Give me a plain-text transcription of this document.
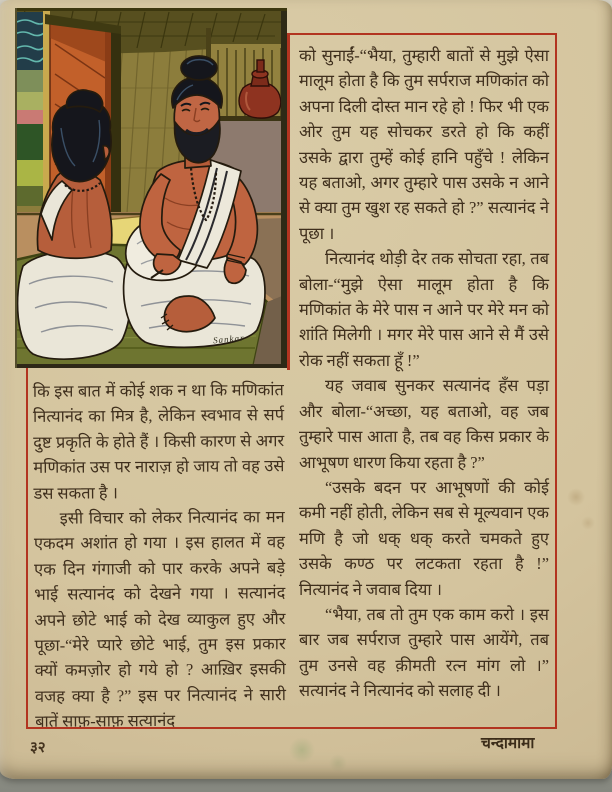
Sankar

कि इस बात में कोई शक न था कि मणिकांत नित्यानंद का मित्र है, लेकिन स्वभाव से सर्प दुष्ट प्रकृति के होते हैं । किसी कारण से अगर मणिकांत उस पर नाराज़ हो जाय तो वह उसे डस सकता है ।

इसी विचार को लेकर नित्यानंद का मन एकदम अशांत हो गया । इस हालत में वह एक दिन गंगाजी को पार करके अपने बड़े भाई सत्यानंद को देखने गया । सत्यानंद अपने छोटे भाई को देख व्याकुल हुए और पूछा-“मेरे प्यारे छोटे भाई, तुम इस प्रकार क्यों कमज़ोर हो गये हो ? आख़िर इसकी वजह क्या है ?” इस पर नित्यानंद ने सारी बातें साफ़-साफ़ सत्यानंद

को सुनाईं-“भैया, तुम्हारी बातों से मुझे ऐसा मालूम होता है कि तुम सर्पराज मणिकांत को अपना दिली दोस्त मान रहे हो ! फिर भी एक ओर तुम यह सोचकर डरते हो कि कहीं उसके द्वारा तुम्हें कोई हानि पहुँचे ! लेकिन यह बताओ, अगर तुम्हारे पास उसके न आने से क्या तुम खुश रह सकते हो ?” सत्यानंद ने पूछा ।

नित्यानंद थोड़ी देर तक सोचता रहा, तब बोला-“मुझे ऐसा मालूम होता है कि मणिकांत के मेरे पास न आने पर मेरे मन को शांति मिलेगी । मगर मेरे पास आने से मैं उसे रोक नहीं सकता हूँ !”

यह जवाब सुनकर सत्यानंद हँस पड़ा और बोला-“अच्छा, यह बताओ, वह जब तुम्हारे पास आता है, तब वह किस प्रकार के आभूषण धारण किया रहता है ?”

“उसके बदन पर आभूषणों की कोई कमी नहीं होती, लेकिन सब से मूल्यवान एक मणि है जो धक् धक् करते चमकते हुए उसके कण्ठ पर लटकता रहता है !” नित्यानंद ने जवाब दिया ।

“भैया, तब तो तुम एक काम करो । इस बार जब सर्पराज तुम्हारे पास आयेंगे, तब तुम उनसे वह क़ीमती रत्न मांग लो ।” सत्यानंद ने नित्यानंद को सलाह दी ।

३२	चन्दामामा
